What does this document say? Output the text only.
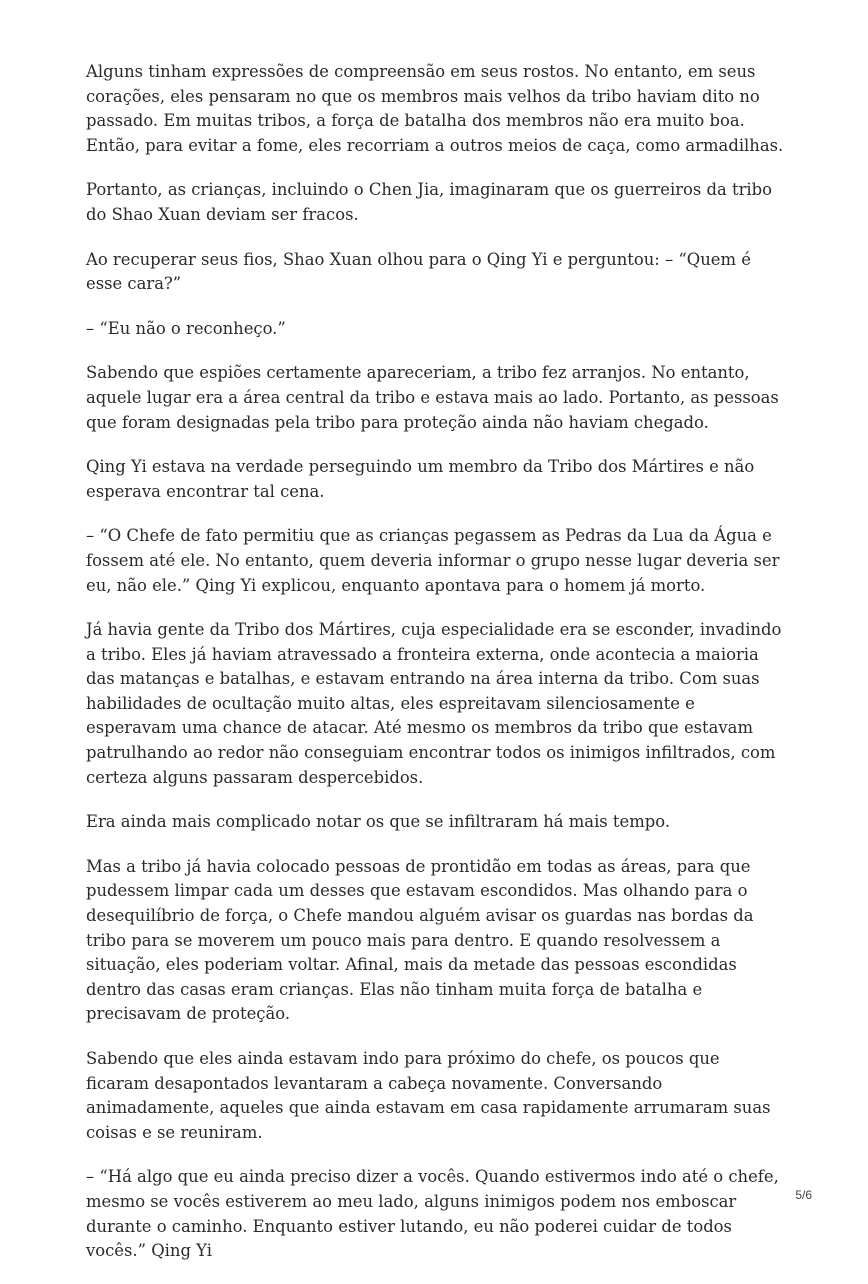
Alguns tinham expressões de compreensão em seus rostos. No entanto, em seus corações, eles pensaram no que os membros mais velhos da tribo haviam dito no passado. Em muitas tribos, a força de batalha dos membros não era muito boa. Então, para evitar a fome, eles recorriam a outros meios de caça, como armadilhas.

Portanto, as crianças, incluindo o Chen Jia, imaginaram que os guerreiros da tribo do Shao Xuan deviam ser fracos.

Ao recuperar seus fios, Shao Xuan olhou para o Qing Yi e perguntou: – “Quem é esse cara?”

– “Eu não o reconheço.”

Sabendo que espiões certamente apareceriam, a tribo fez arranjos. No entanto, aquele lugar era a área central da tribo e estava mais ao lado. Portanto, as pessoas que foram designadas pela tribo para proteção ainda não haviam chegado.

Qing Yi estava na verdade perseguindo um membro da Tribo dos Mártires e não esperava encontrar tal cena.

– “O Chefe de fato permitiu que as crianças pegassem as Pedras da Lua da Água e fossem até ele. No entanto, quem deveria informar o grupo nesse lugar deveria ser eu, não ele.” Qing Yi explicou, enquanto apontava para o homem já morto.

Já havia gente da Tribo dos Mártires, cuja especialidade era se esconder, invadindo a tribo. Eles já haviam atravessado a fronteira externa, onde acontecia a maioria das matanças e batalhas, e estavam entrando na área interna da tribo. Com suas habilidades de ocultação muito altas, eles espreitavam silenciosamente e esperavam uma chance de atacar. Até mesmo os membros da tribo que estavam patrulhando ao redor não conseguiam encontrar todos os inimigos infiltrados, com certeza alguns passaram despercebidos.

Era ainda mais complicado notar os que se infiltraram há mais tempo.

Mas a tribo já havia colocado pessoas de prontidão em todas as áreas, para que pudessem limpar cada um desses que estavam escondidos. Mas olhando para o desequilíbrio de força, o Chefe mandou alguém avisar os guardas nas bordas da tribo para se moverem um pouco mais para dentro. E quando resolvessem a situação, eles poderiam voltar. Afinal, mais da metade das pessoas escondidas dentro das casas eram crianças. Elas não tinham muita força de batalha e precisavam de proteção.

Sabendo que eles ainda estavam indo para próximo do chefe, os poucos que ficaram desapontados levantaram a cabeça novamente. Conversando animadamente, aqueles que ainda estavam em casa rapidamente arrumaram suas coisas e se reuniram.

– “Há algo que eu ainda preciso dizer a vocês. Quando estivermos indo até o chefe, mesmo se vocês estiverem ao meu lado, alguns inimigos podem nos emboscar durante o caminho. Enquanto estiver lutando, eu não poderei cuidar de todos vocês.” Qing Yi

5/6
